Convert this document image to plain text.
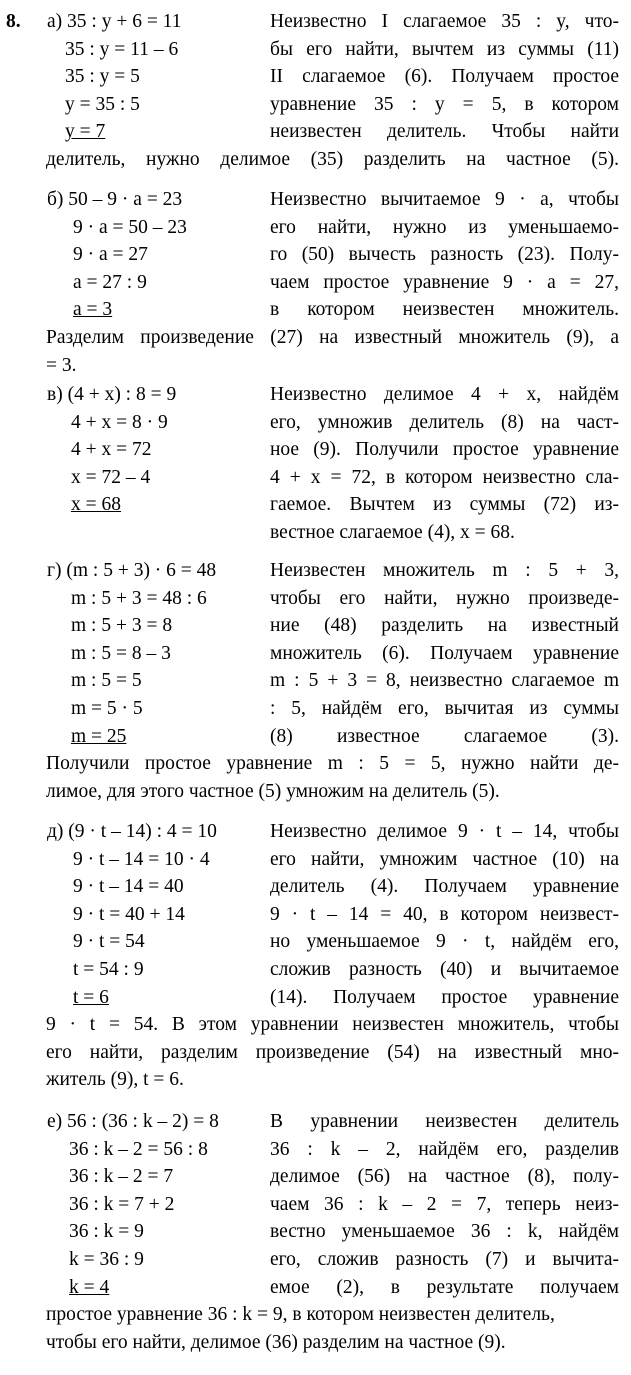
8. а) 35 : y + 6 = 11
35 : y = 11 – 6
35 : y = 5
y = 35 : 5
y = 7
Неизвестно I слагаемое 35 : y, что-
бы его найти, вычтем из суммы (11)
II слагаемое (6). Получаем простое
уравнение 35 : y = 5, в котором
неизвестен делитель. Чтобы найти
делитель, нужно делимое (35) разделить на частное (5).
б) 50 – 9 · a = 23
9 · a = 50 – 23
9 · a = 27
a = 27 : 9
a = 3
Неизвестно вычитаемое 9 · a, чтобы
его найти, нужно из уменьшаемо-
го (50) вычесть разность (23). Полу-
чаем простое уравнение 9 · a = 27,
в котором неизвестен множитель.
Разделим произведение (27) на известный множитель (9), a
= 3.
в) (4 + x) : 8 = 9
4 + x = 8 · 9
4 + x = 72
x = 72 – 4
x = 68
Неизвестно делимое 4 + x, найдём
его, умножив делитель (8) на част-
ное (9). Получили простое уравнение
4 + x = 72, в котором неизвестно сла-
гаемое. Вычтем из суммы (72) из-
вестное слагаемое (4), x = 68.
г) (m : 5 + 3) · 6 = 48
m : 5 + 3 = 48 : 6
m : 5 + 3 = 8
m : 5 = 8 – 3
m : 5 = 5
m = 5 · 5
m = 25
Неизвестен множитель m : 5 + 3,
чтобы его найти, нужно произведе-
ние (48) разделить на известный
множитель (6). Получаем уравнение
m : 5 + 3 = 8, неизвестно слагаемое m
: 5, найдём его, вычитая из суммы
(8) известное слагаемое (3).
Получили простое уравнение m : 5 = 5, нужно найти де-
лимое, для этого частное (5) умножим на делитель (5).
д) (9 · t – 14) : 4 = 10
9 · t – 14 = 10 · 4
9 · t – 14 = 40
9 · t = 40 + 14
9 · t = 54
t = 54 : 9
t = 6
Неизвестно делимое 9 · t – 14, чтобы
его найти, умножим частное (10) на
делитель (4). Получаем уравнение
9 · t – 14 = 40, в котором неизвест-
но уменьшаемое 9 · t, найдём его,
сложив разность (40) и вычитаемое
(14). Получаем простое уравнение
9 · t = 54. В этом уравнении неизвестен множитель, чтобы
его найти, разделим произведение (54) на известный мно-
житель (9), t = 6.
е) 56 : (36 : k – 2) = 8
36 : k – 2 = 56 : 8
36 : k – 2 = 7
36 : k = 7 + 2
36 : k = 9
k = 36 : 9
k = 4
В уравнении неизвестен делитель
36 : k – 2, найдём его, разделив
делимое (56) на частное (8), полу-
чаем 36 : k – 2 = 7, теперь неиз-
вестно уменьшаемое 36 : k, найдём
его, сложив разность (7) и вычита-
емое (2), в результате получаем
простое уравнение 36 : k = 9, в котором неизвестен делитель,
чтобы его найти, делимое (36) разделим на частное (9).
